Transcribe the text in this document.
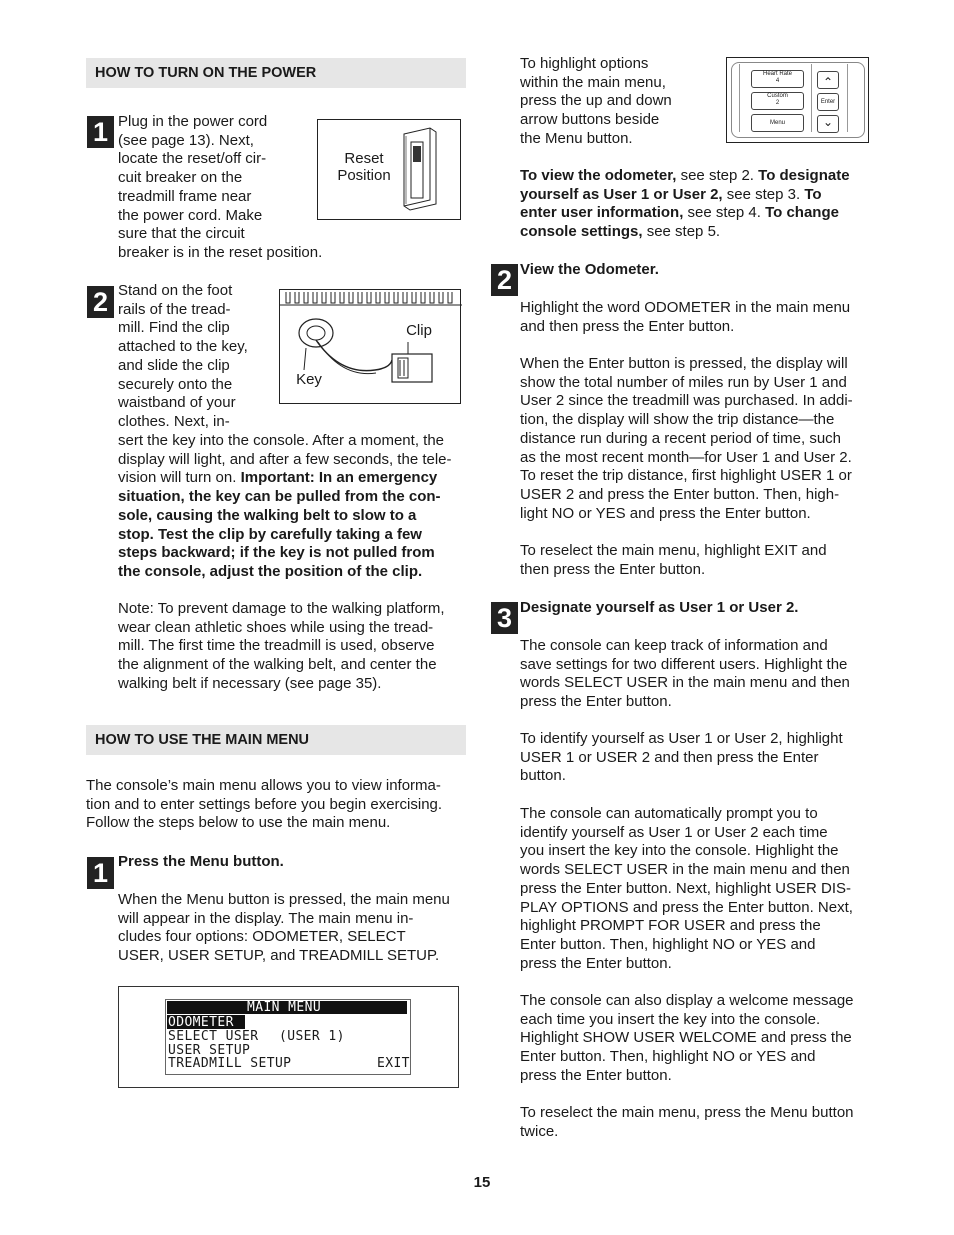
HOW TO TURN ON THE POWER
1 Plug in the power cord

(see page 13). Next,

locate the reset/off cir-

cuit breaker on the

treadmill frame near

the power cord. Make

sure that the circuit

breaker is in the reset position.

Reset
Position
2 Stand on the foot

rails of the tread-

mill. Find the clip

attached to the key,

and slide the clip

securely onto the

waistband of your

clothes. Next, in-

Clip
Key

sert the key into the console. After a moment, the

display will light, and after a few seconds, the tele-

vision will turn on. Important: In an emergency

situation, the key can be pulled from the con-

sole, causing the walking belt to slow to a

stop. Test the clip by carefully taking a few

steps backward; if the key is not pulled from

the console, adjust the position of the clip.

Note: To prevent damage to the walking platform,

wear clean athletic shoes while using the tread-

mill. The first time the treadmill is used, observe

the alignment of the walking belt, and center the

walking belt if necessary (see page 35).

HOW TO USE THE MAIN MENU

The console’s main menu allows you to view informa-

tion and to enter settings before you begin exercising.

Follow the steps below to use the main menu.

1 Press the Menu button.

When the Menu button is pressed, the main menu

will appear in the display. The main menu in-

cludes four options: ODOMETER, SELECT

USER, USER SETUP, and TREADMILL SETUP.

MAIN MENU
ODOMETER
SELECT USER (USER 1)
USER SETUP
TREADMILL SETUP	EXIT

To highlight options

within the main menu,

press the up and down

arrow buttons beside

the Menu button.

Heart Rate
4
Custom
2
Menu
⌃
Enter
⌄

To view the odometer, see step 2. To designate

yourself as User 1 or User 2, see step 3. To

enter user information, see step 4. To change

console settings, see step 5.

2 View the Odometer.

Highlight the word ODOMETER in the main menu

and then press the Enter button.

When the Enter button is pressed, the display will

show the total number of miles run by User 1 and

User 2 since the treadmill was purchased. In addi-

tion, the display will show the trip distance—the

distance run during a recent period of time, such

as the most recent month—for User 1 and User 2.

To reset the trip distance, first highlight USER 1 or

USER 2 and press the Enter button. Then, high-

light NO or YES and press the Enter button.

To reselect the main menu, highlight EXIT and

then press the Enter button.

3 Designate yourself as User 1 or User 2.

The console can keep track of information and

save settings for two different users. Highlight the

words SELECT USER in the main menu and then

press the Enter button.

To identify yourself as User 1 or User 2, highlight

USER 1 or USER 2 and then press the Enter

button.

The console can automatically prompt you to

identify yourself as User 1 or User 2 each time

you insert the key into the console. Highlight the

words SELECT USER in the main menu and then

press the Enter button. Next, highlight USER DIS-

PLAY OPTIONS and press the Enter button. Next,

highlight PROMPT FOR USER and press the

Enter button. Then, highlight NO or YES and

press the Enter button.

The console can also display a welcome message

each time you insert the key into the console.

Highlight SHOW USER WELCOME and press the

Enter button. Then, highlight NO or YES and

press the Enter button.

To reselect the main menu, press the Menu button

twice.

15
